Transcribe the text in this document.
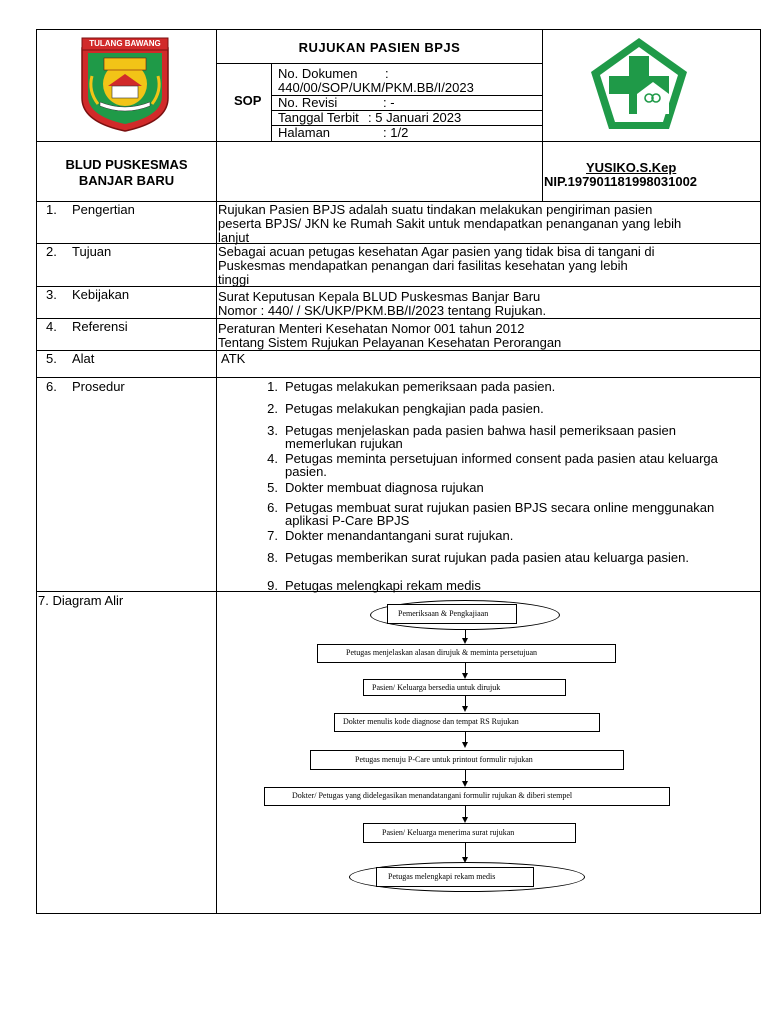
TULANG BAWANG	RUJUKAN PASIEN BPJS
SOP
No. Dokumen :
440/00/SOP/UKM/PKM.BB/I/2023
No. Revisi	: -
Tanggal Terbit : 5 Januari 2023
Halaman	: 1/2
BLUD PUSKESMAS
BANJAR BARU
YUSIKO.S.Kep
NIP.197901181998031002
1. Pengertian	Rujukan Pasien BPJS adalah suatu tindakan melakukan pengiriman pasien
peserta BPJS/ JKN ke Rumah Sakit untuk mendapatkan penanganan yang lebih
lanjut
2. Tujuan	Sebagai acuan petugas kesehatan Agar pasien yang tidak bisa di tangani di
Puskesmas mendapatkan penangan dari fasilitas kesehatan yang lebih
tinggi
3. Kebijakan	Surat Keputusan Kepala BLUD Puskesmas Banjar Baru
Nomor : 440/ / SK/UKP/PKM.BB/I/2023 tentang Rujukan.
4. Referensi	Peraturan Menteri Kesehatan Nomor 001 tahun 2012
Tentang Sistem Rujukan Pelayanan Kesehatan Perorangan
5. Alat	ATK
6. Prosedur	1. Petugas melakukan pemeriksaan pada pasien.
2. Petugas melakukan pengkajian pada pasien.
3. Petugas menjelaskan pada pasien bahwa hasil pemeriksaan pasien memerlukan rujukan
4. Petugas meminta persetujuan informed consent pada pasien atau keluarga pasien.
5. Dokter membuat diagnosa rujukan
6. Petugas membuat surat rujukan pasien BPJS secara online menggunakan aplikasi P-Care BPJS
7. Dokter menandantangani surat rujukan.
8. Petugas memberikan surat rujukan pada pasien atau keluarga pasien.
9. Petugas melengkapi rekam medis
7. Diagram Alir
Pemeriksaan & Pengkajiaan
Petugas menjelaskan alasan dirujuk & meminta persetujuan
Pasien/ Keluarga bersedia untuk dirujuk
Dokter menulis kode diagnose dan tempat RS Rujukan
Petugas menuju P-Care untuk printout formulir rujukan
Dokter/ Petugas yang didelegasikan menandatangani formulir rujukan & diberi stempel
Pasien/ Keluarga menerima surat rujukan
Petugas melengkapi rekam medis
